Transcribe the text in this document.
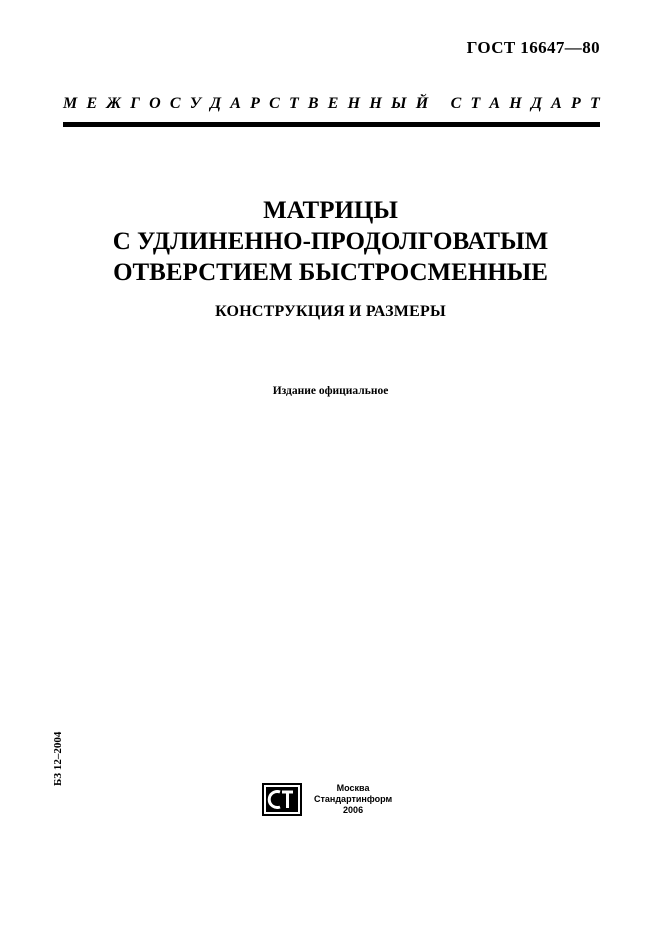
ГОСТ 16647—80
М Е Ж Г О С У Д А Р С Т В Е Н Н Ы Й
С Т А Н Д А Р Т
МАТРИЦЫ
С УДЛИНЕННО-ПРОДОЛГОВАТЫМ
ОТВЕРСТИЕМ БЫСТРОСМЕННЫЕ
КОНСТРУКЦИЯ И РАЗМЕРЫ
Издание официальное
БЗ 12–2004
Москва
Стандартинформ
2006
